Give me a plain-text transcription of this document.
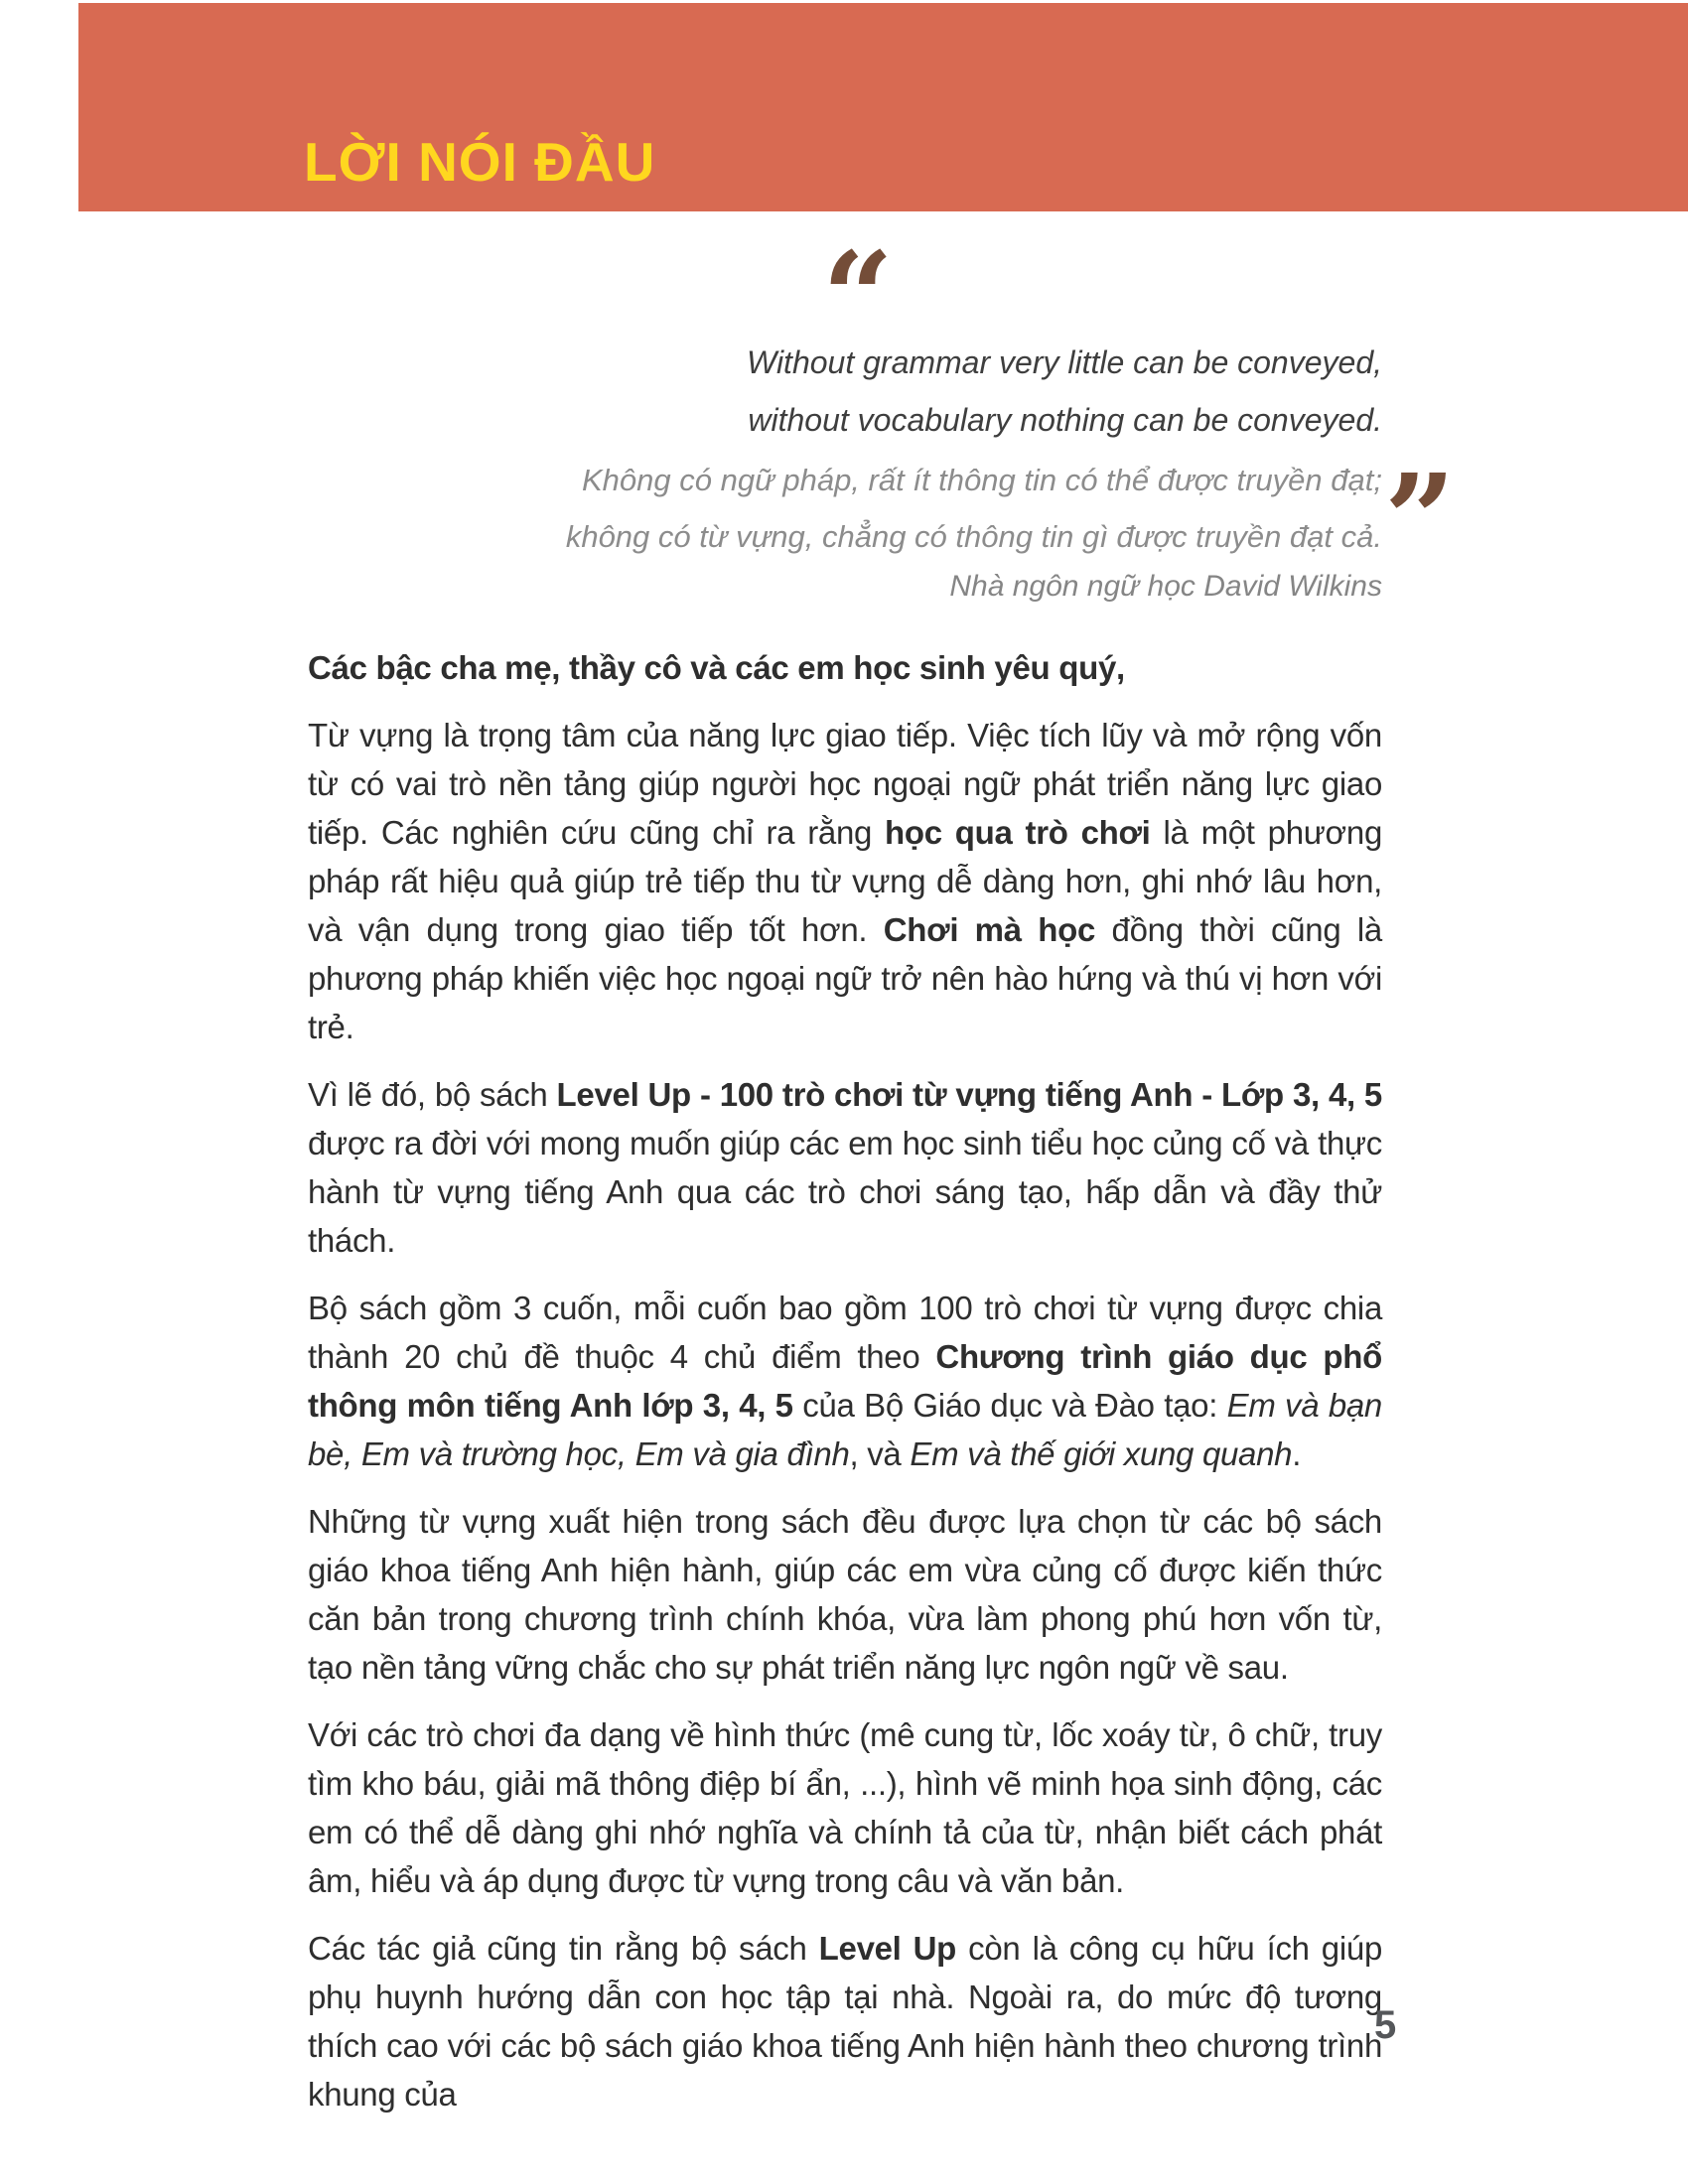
LỜI NÓI ĐẦU
“
Without grammar very little can be conveyed,
without vocabulary nothing can be conveyed.
Không có ngữ pháp, rất ít thông tin có thể được truyền đạt;
không có từ vựng, chẳng có thông tin gì được truyền đạt cả.
Nhà ngôn ngữ học David Wilkins ”

Các bậc cha mẹ, thầy cô và các em học sinh yêu quý,

Từ vựng là trọng tâm của năng lực giao tiếp. Việc tích lũy và mở rộng vốn từ có vai trò nền tảng giúp người học ngoại ngữ phát triển năng lực giao tiếp. Các nghiên cứu cũng chỉ ra rằng học qua trò chơi là một phương pháp rất hiệu quả giúp trẻ tiếp thu từ vựng dễ dàng hơn, ghi nhớ lâu hơn, và vận dụng trong giao tiếp tốt hơn. Chơi mà học đồng thời cũng là phương pháp khiến việc học ngoại ngữ trở nên hào hứng và thú vị hơn với trẻ.

Vì lẽ đó, bộ sách Level Up - 100 trò chơi từ vựng tiếng Anh - Lớp 3, 4, 5 được ra đời với mong muốn giúp các em học sinh tiểu học củng cố và thực hành từ vựng tiếng Anh qua các trò chơi sáng tạo, hấp dẫn và đầy thử thách.

Bộ sách gồm 3 cuốn, mỗi cuốn bao gồm 100 trò chơi từ vựng được chia thành 20 chủ đề thuộc 4 chủ điểm theo Chương trình giáo dục phổ thông môn tiếng Anh lớp 3, 4, 5 của Bộ Giáo dục và Đào tạo: Em và bạn bè, Em và trường học, Em và gia đình, và Em và thế giới xung quanh.

Những từ vựng xuất hiện trong sách đều được lựa chọn từ các bộ sách giáo khoa tiếng Anh hiện hành, giúp các em vừa củng cố được kiến thức căn bản trong chương trình chính khóa, vừa làm phong phú hơn vốn từ, tạo nền tảng vững chắc cho sự phát triển năng lực ngôn ngữ về sau.

Với các trò chơi đa dạng về hình thức (mê cung từ, lốc xoáy từ, ô chữ, truy tìm kho báu, giải mã thông điệp bí ẩn, ...), hình vẽ minh họa sinh động, các em có thể dễ dàng ghi nhớ nghĩa và chính tả của từ, nhận biết cách phát âm, hiểu và áp dụng được từ vựng trong câu và văn bản.

Các tác giả cũng tin rằng bộ sách Level Up còn là công cụ hữu ích giúp phụ huynh hướng dẫn con học tập tại nhà. Ngoài ra, do mức độ tương thích cao với các bộ sách giáo khoa tiếng Anh hiện hành theo chương trình khung của

5
